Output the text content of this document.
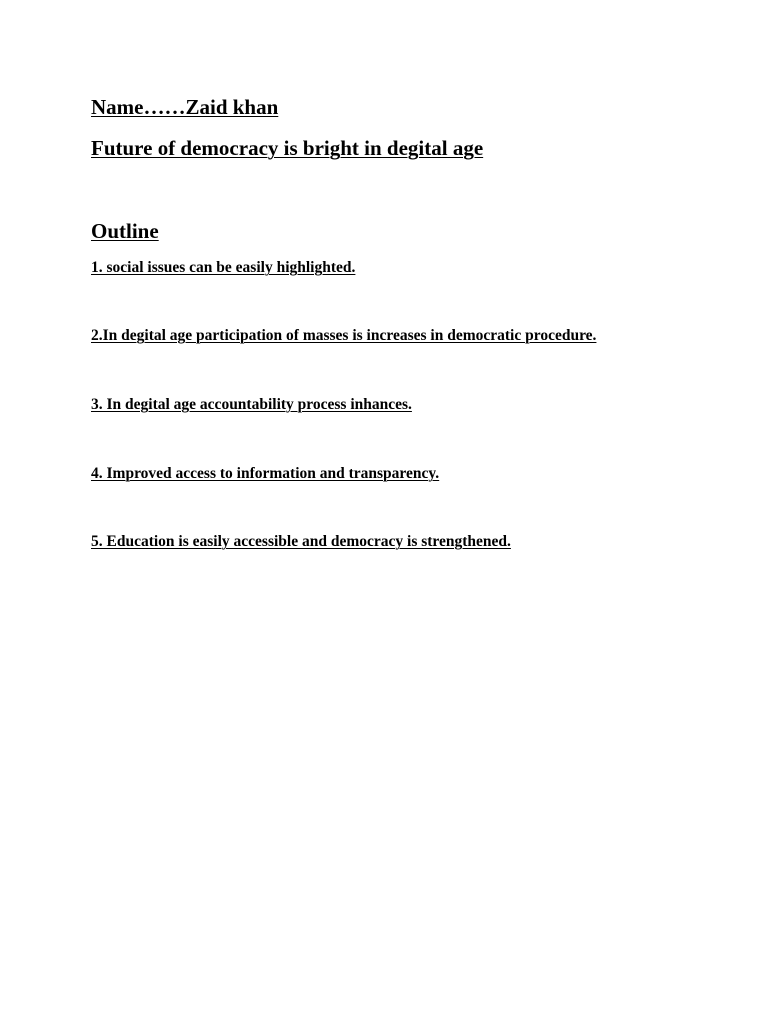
Name……Zaid khan

Future of democracy is bright in degital age

Outline

1. social issues can be easily highlighted.

2.In degital age participation of masses is increases in democratic procedure.

3. In degital age accountability process inhances.

4. Improved access to information and transparency.

5. Education is easily accessible and democracy is strengthened.
